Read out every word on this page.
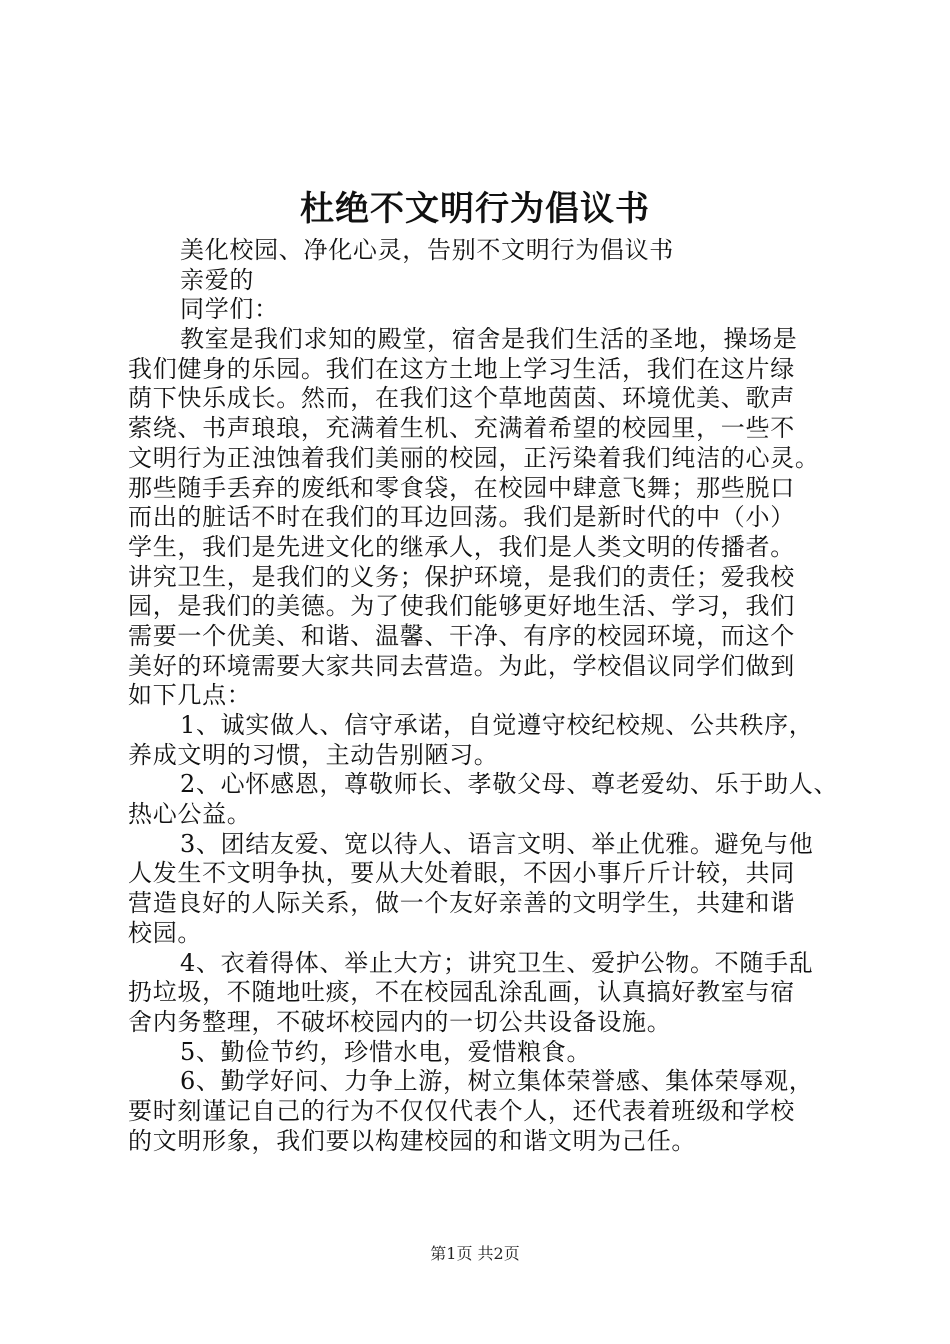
杜绝不文明行为倡议书
美化校园、净化心灵，告别不文明行为倡议书
亲爱的
同学们：
教室是我们求知的殿堂，宿舍是我们生活的圣地，操场是
我们健身的乐园。我们在这方土地上学习生活，我们在这片绿
荫下快乐成长。然而，在我们这个草地茵茵、环境优美、歌声
萦绕、书声琅琅，充满着生机、充满着希望的校园里，一些不
文明行为正浊蚀着我们美丽的校园，正污染着我们纯洁的心灵。
那些随手丢弃的废纸和零食袋，在校园中肆意飞舞；那些脱口
而出的脏话不时在我们的耳边回荡。我们是新时代的中（小）
学生，我们是先进文化的继承人，我们是人类文明的传播者。
讲究卫生，是我们的义务；保护环境，是我们的责任；爱我校
园，是我们的美德。为了使我们能够更好地生活、学习，我们
需要一个优美、和谐、温馨、干净、有序的校园环境，而这个
美好的环境需要大家共同去营造。为此，学校倡议同学们做到
如下几点：
1、诚实做人、信守承诺，自觉遵守校纪校规、公共秩序，
养成文明的习惯，主动告别陋习。
2、心怀感恩，尊敬师长、孝敬父母、尊老爱幼、乐于助人、
热心公益。
3、团结友爱、宽以待人、语言文明、举止优雅。避免与他
人发生不文明争执，要从大处着眼，不因小事斤斤计较，共同
营造良好的人际关系，做一个友好亲善的文明学生，共建和谐
校园。
4、衣着得体、举止大方；讲究卫生、爱护公物。不随手乱
扔垃圾，不随地吐痰，不在校园乱涂乱画，认真搞好教室与宿
舍内务整理，不破坏校园内的一切公共设备设施。
5、勤俭节约，珍惜水电，爱惜粮食。
6、勤学好问、力争上游，树立集体荣誉感、集体荣辱观，
要时刻谨记自己的行为不仅仅代表个人，还代表着班级和学校
的文明形象，我们要以构建校园的和谐文明为己任。
第1页 共2页
